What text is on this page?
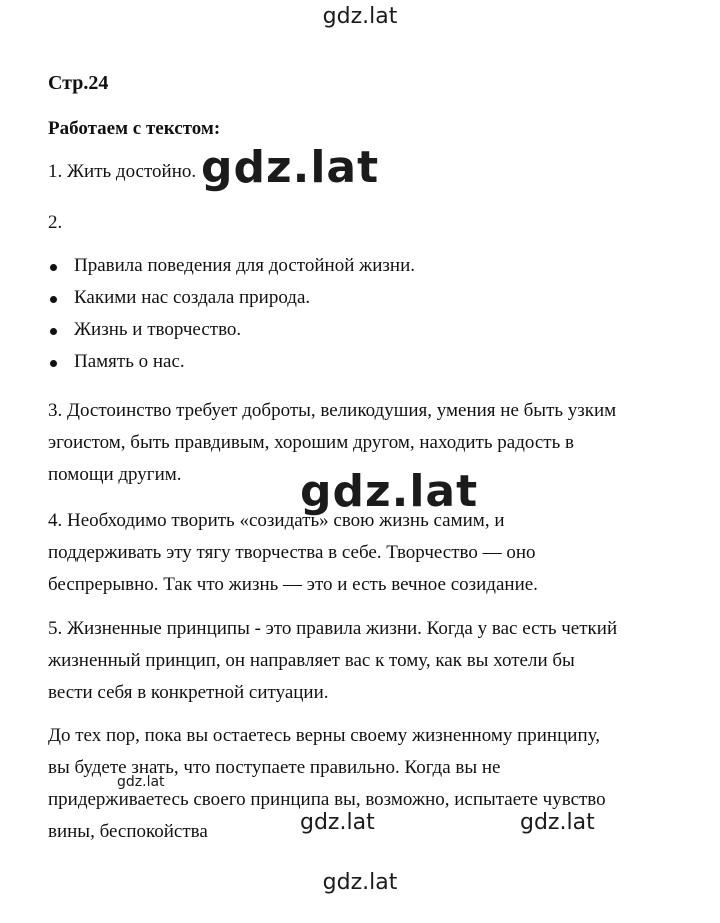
gdz.lat
gdz.lat
gdz.lat
gdz.lat
gdz.lat	gdz.lat
gdz.lat
Стр.24
Работаем с текстом:
1. Жить достойно.
2.
Правила поведения для достойной жизни.
Какими нас создала природа.
Жизнь и творчество.
Память о нас.
3. Достоинство требует доброты, великодушия, умения не быть узким
эгоистом, быть правдивым, хорошим другом, находить радость в
помощи другим.
4. Необходимо творить «созидать» свою жизнь самим, и
поддерживать эту тягу творчества в себе. Творчество — оно
беспрерывно. Так что жизнь — это и есть вечное созидание.
5. Жизненные принципы - это правила жизни. Когда у вас есть четкий
жизненный принцип, он направляет вас к тому, как вы хотели бы
вести себя в конкретной ситуации.
До тех пор, пока вы остаетесь верны своему жизненному принципу,
вы будете знать, что поступаете правильно. Когда вы не
придерживаетесь своего принципа вы, возможно, испытаете чувство
вины, беспокойства
